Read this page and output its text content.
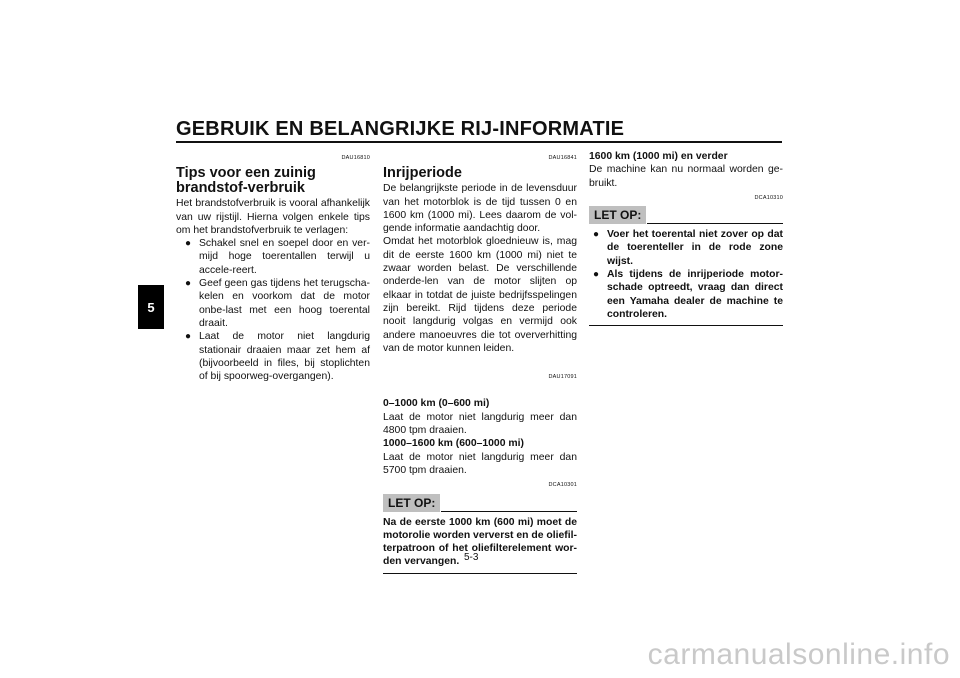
GEBRUIK EN BELANGRIJKE RIJ-INFORMATIE
5
DAU16810
Tips voor een zuinig brandstof-verbruik

Het brandstofverbruik is vooral afhankelijk van uw rijstijl. Hierna volgen enkele tips om het brandstofverbruik te verlagen:

● Schakel snel en soepel door en ver-mijd hoge toerentallen terwijl u accele-reert.
● Geef geen gas tijdens het terugscha-kelen en voorkom dat de motor onbe-last met een hoog toerental draait.
● Laat de motor niet langdurig stationair draaien maar zet hem af (bijvoorbeeld in files, bij stoplichten of bij spoorweg-overgangen).
DAU16841
Inrijperiode

De belangrijkste periode in de levensduur van het motorblok is de tijd tussen 0 en 1600 km (1000 mi). Lees daarom de vol-gende informatie aandachtig door.

Omdat het motorblok gloednieuw is, mag dit de eerste 1600 km (1000 mi) niet te zwaar worden belast. De verschillende onderde-len van de motor slijten op elkaar in totdat de juiste bedrijfsspelingen zijn bereikt. Rijd tijdens deze periode nooit langdurig volgas en vermijd ook andere manoeuvres die tot oververhitting van de motor kunnen leiden.

DAU17091

0–1000 km (0–600 mi)

Laat de motor niet langdurig meer dan 4800 tpm draaien.

1000–1600 km (600–1000 mi)

Laat de motor niet langdurig meer dan 5700 tpm draaien.

DCA10301
LET OP:
Na de eerste 1000 km (600 mi) moet de motorolie worden ververst en de oliefil-terpatroon of het oliefilterelement wor-den vervangen.

1600 km (1000 mi) en verder

De machine kan nu normaal worden ge-bruikt.

DCA10310
LET OP:
● Voer het toerental niet zover op dat de toerenteller in de rode zone wijst.
● Als tijdens de inrijperiode motor-schade optreedt, vraag dan direct een Yamaha dealer de machine te controleren.
5-3
carmanualsonline.info
